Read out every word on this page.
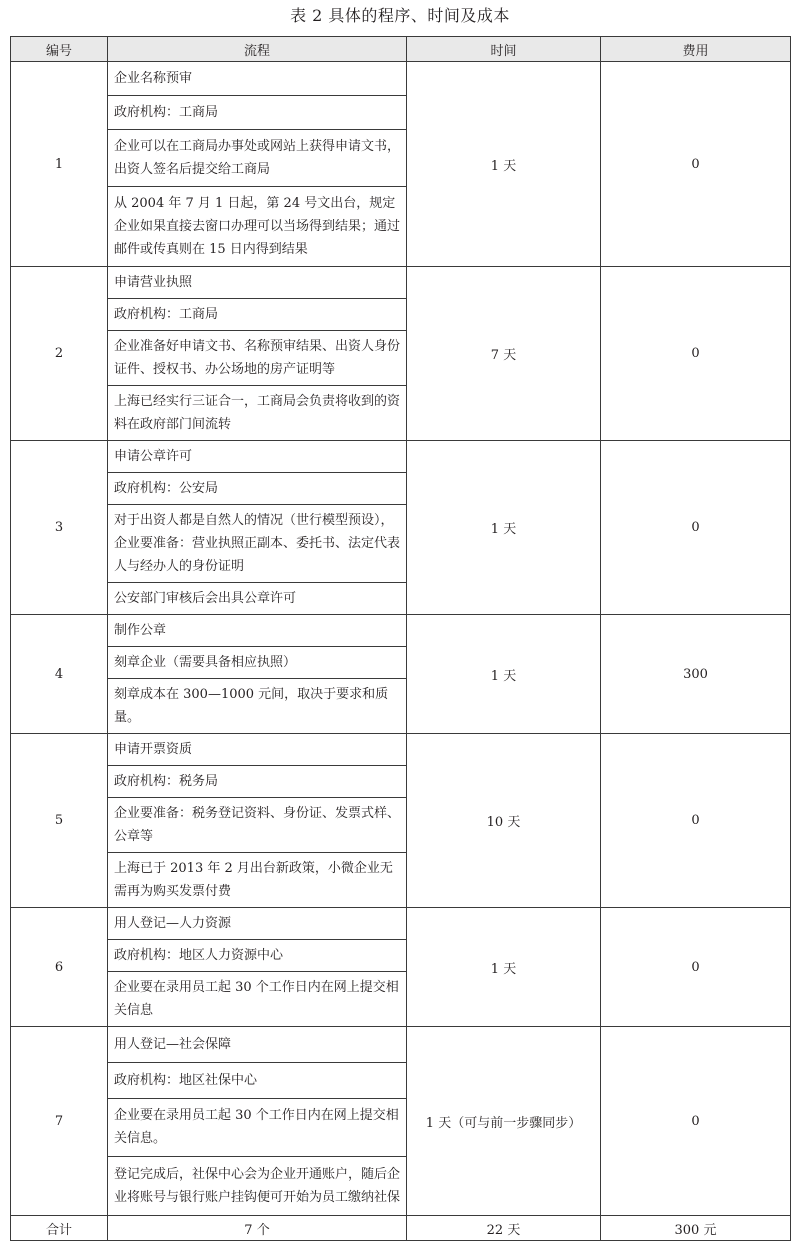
表 2 具体的程序、时间及成本
编号	流程	时间	费用
1	企业名称预审
政府机构：工商局
企业可以在工商局办事处或网站上获得申请文书，出资人签名后提交给工商局
从 2004 年 7 月 1 日起，第 24 号文出台，规定企业如果直接去窗口办理可以当场得到结果；通过邮件或传真则在 15 日内得到结果	1 天	0
2	申请营业执照
政府机构：工商局
企业准备好申请文书、名称预审结果、出资人身份证件、授权书、办公场地的房产证明等
上海已经实行三证合一，工商局会负责将收到的资料在政府部门间流转	7 天	0
3	申请公章许可
政府机构：公安局
对于出资人都是自然人的情况（世行模型预设），企业要准备：营业执照正副本、委托书、法定代表人与经办人的身份证明
公安部门审核后会出具公章许可	1 天	0
4	制作公章
刻章企业（需要具备相应执照）
刻章成本在 300—1000 元间，取决于要求和质量。	1 天	300
5	申请开票资质
政府机构：税务局
企业要准备：税务登记资料、身份证、发票式样、公章等
上海已于 2013 年 2 月出台新政策，小微企业无需再为购买发票付费	10 天	0
6	用人登记—人力资源
政府机构：地区人力资源中心
企业要在录用员工起 30 个工作日内在网上提交相关信息	1 天	0
7	用人登记—社会保障
政府机构：地区社保中心
企业要在录用员工起 30 个工作日内在网上提交相关信息。
登记完成后，社保中心会为企业开通账户，随后企业将账号与银行账户挂钩便可开始为员工缴纳社保	1 天（可与前一步骤同步）	0
合计	7 个	22 天	300 元
